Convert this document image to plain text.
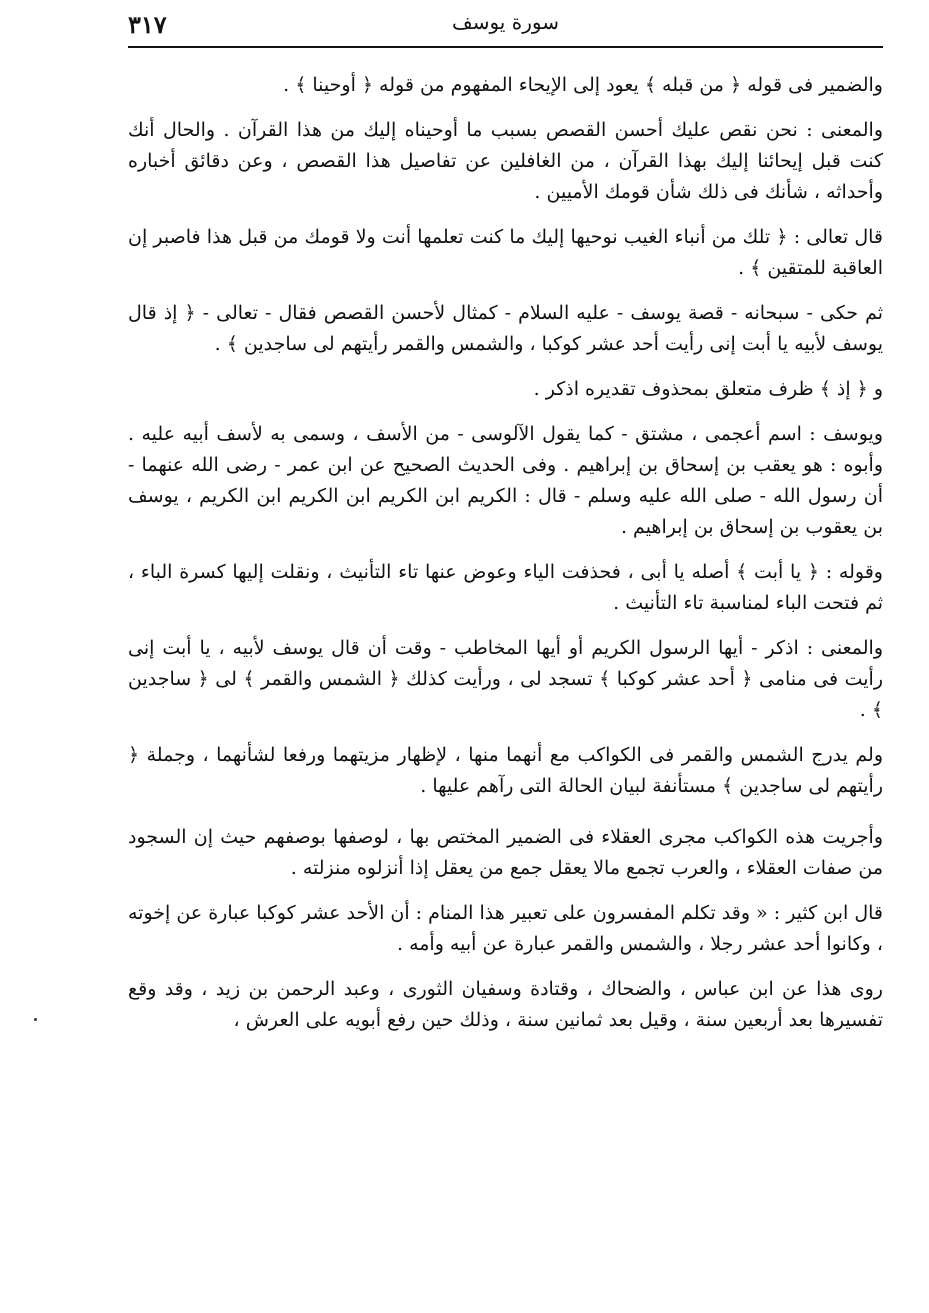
٣١٧	سورة يوسف

والضمير فى قوله ﴿ من قبله ﴾ يعود إلى الإيحاء المفهوم من قوله ﴿ أوحينا ﴾ .

والمعنى : نحن نقص عليك أحسن القصص بسبب ما أوحيناه إليك من هذا القرآن . والحال أنك كنت قبل إيحائنا إليك بهذا القرآن ، من الغافلين عن تفاصيل هذا القصص ، وعن دقائق أخباره وأحداثه ، شأنك فى ذلك شأن قومك الأميين .

قال تعالى : ﴿ تلك من أنباء الغيب نوحيها إليك ما كنت تعلمها أنت ولا قومك من قبل هذا فاصبر إن العاقبة للمتقين ﴾ .

ثم حكى - سبحانه - قصة يوسف - عليه السلام - كمثال لأحسن القصص فقال - تعالى - ﴿ إذ قال يوسف لأبيه يا أبت إنى رأيت أحد عشر كوكبا ، والشمس والقمر رأيتهم لى ساجدين ﴾ .

و ﴿ إذ ﴾ ظرف متعلق بمحذوف تقديره اذكر .

ويوسف : اسم أعجمى ، مشتق - كما يقول الآلوسى - من الأسف ، وسمى به لأسف أبيه عليه . وأبوه : هو يعقب بن إسحاق بن إبراهيم . وفى الحديث الصحيح عن ابن عمر - رضى الله عنهما - أن رسول الله - صلى الله عليه وسلم - قال : الكريم ابن الكريم ابن الكريم ابن الكريم ، يوسف بن يعقوب بن إسحاق بن إبراهيم .

وقوله : ﴿ يا أبت ﴾ أصله يا أبى ، فحذفت الياء وعوض عنها تاء التأنيث ، ونقلت إليها كسرة الباء ، ثم فتحت الباء لمناسبة تاء التأنيث .

والمعنى : اذكر - أيها الرسول الكريم أو أيها المخاطب - وقت أن قال يوسف لأبيه ، يا أبت إنى رأيت فى منامى ﴿ أحد عشر كوكبا ﴾ تسجد لى ، ورأيت كذلك ﴿ الشمس والقمر ﴾ لى ﴿ ساجدين ﴾ .

ولم يدرج الشمس والقمر فى الكواكب مع أنهما منها ، لإظهار مزيتهما ورفعا لشأنهما ، وجملة ﴿ رأيتهم لى ساجدين ﴾ مستأنفة لبيان الحالة التى رآهم عليها .

وأجريت هذه الكواكب مجرى العقلاء فى الضمير المختص بها ، لوصفها بوصفهم حيث إن السجود من صفات العقلاء ، والعرب تجمع مالا يعقل جمع من يعقل إذا أنزلوه منزلته .

قال ابن كثير : « وقد تكلم المفسرون على تعبير هذا المنام : أن الأحد عشر كوكبا عبارة عن إخوته ، وكانوا أحد عشر رجلا ، والشمس والقمر عبارة عن أبيه وأمه .

روى هذا عن ابن عباس ، والضحاك ، وقتادة وسفيان الثورى ، وعبد الرحمن بن زيد ، وقد وقع تفسيرها بعد أربعين سنة ، وقيل بعد ثمانين سنة ، وذلك حين رفع أبويه على العرش ،
